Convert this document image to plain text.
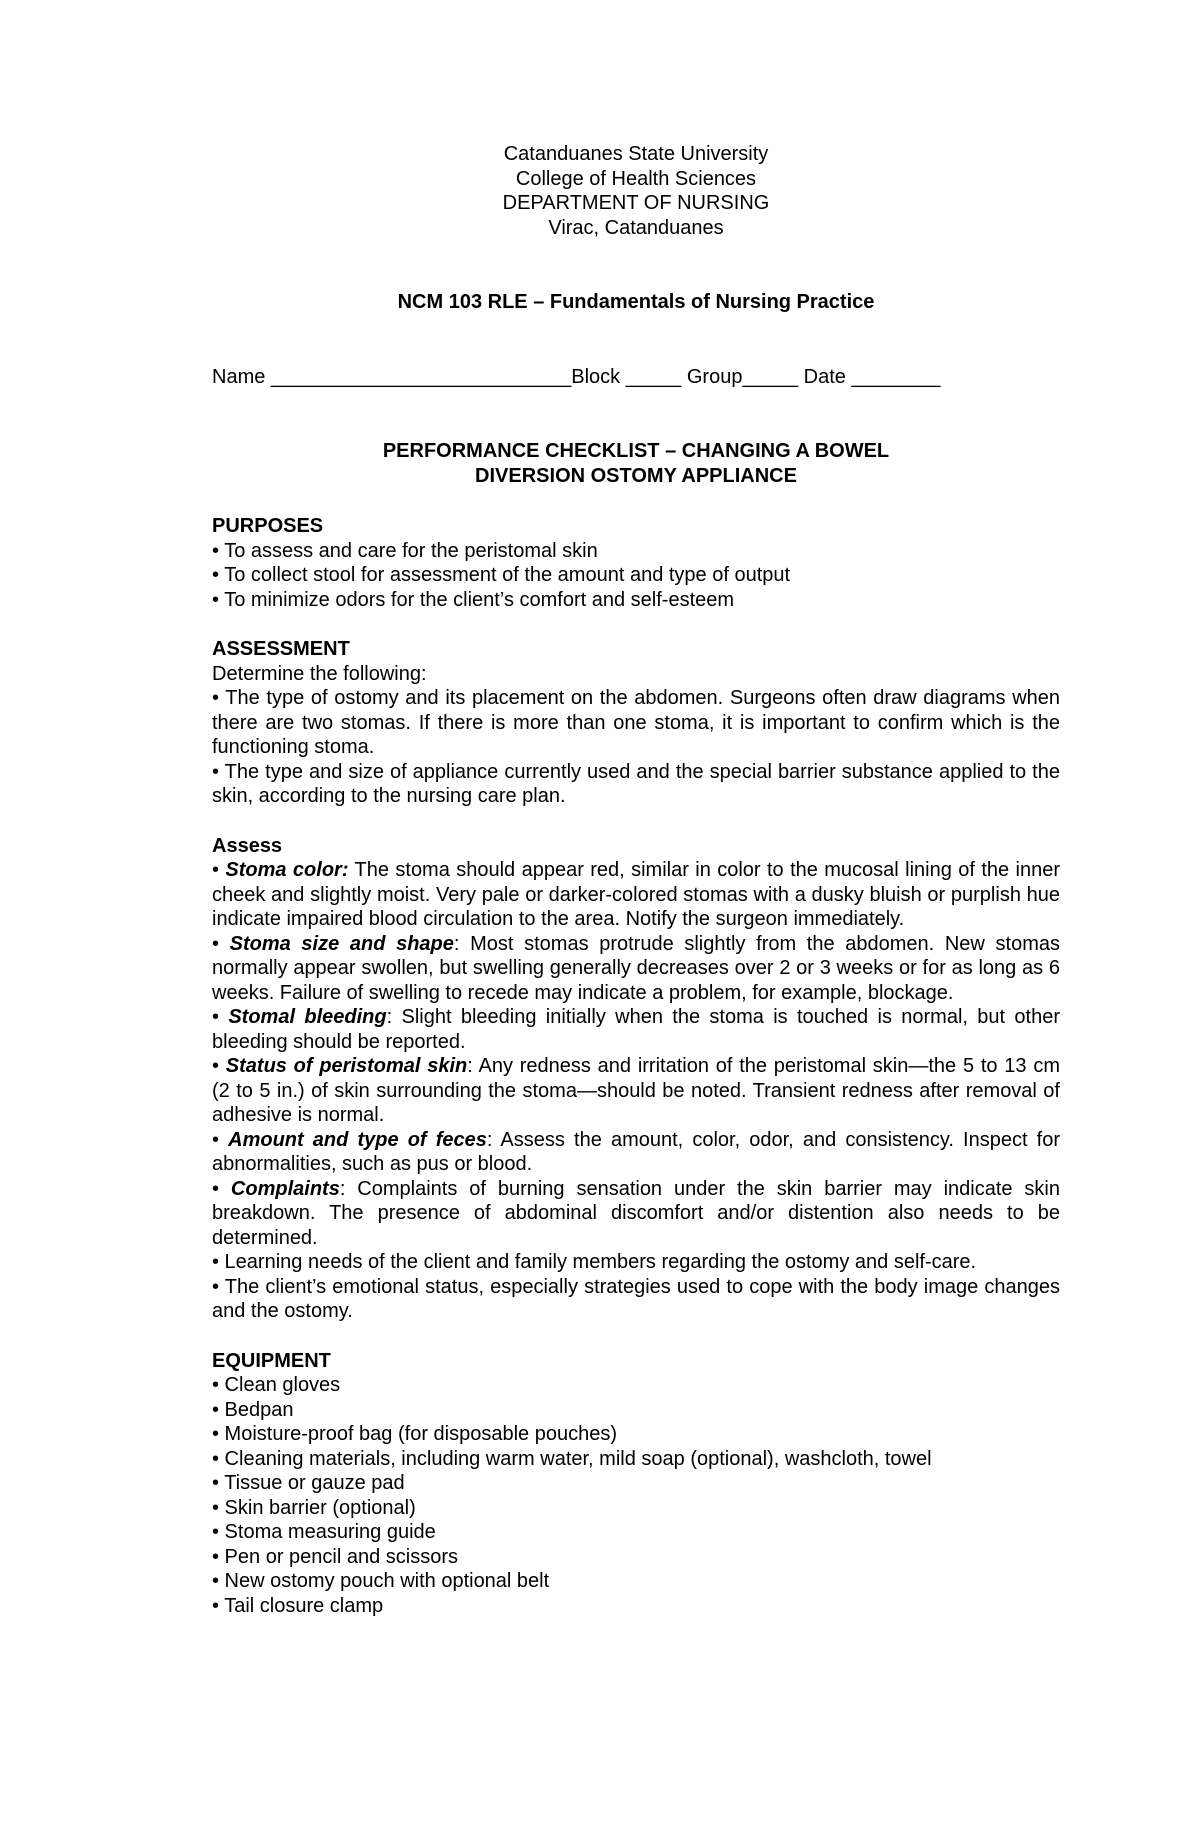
Catanduanes State University
College of Health Sciences
DEPARTMENT OF NURSING
Virac, Catanduanes
NCM 103 RLE – Fundamentals of Nursing Practice
Name ___________________________Block _____ Group_____ Date ________
PERFORMANCE CHECKLIST – CHANGING A BOWEL
DIVERSION OSTOMY APPLIANCE
PURPOSES
• To assess and care for the peristomal skin
• To collect stool for assessment of the amount and type of output
• To minimize odors for the client’s comfort and self-esteem
ASSESSMENT
Determine the following:
• The type of ostomy and its placement on the abdomen. Surgeons often draw diagrams when there are two stomas. If there is more than one stoma, it is important to confirm which is the functioning stoma.
• The type and size of appliance currently used and the special barrier substance applied to the skin, according to the nursing care plan.
Assess
• Stoma color: The stoma should appear red, similar in color to the mucosal lining of the inner cheek and slightly moist. Very pale or darker-colored stomas with a dusky bluish or purplish hue indicate impaired blood circulation to the area. Notify the surgeon immediately.
• Stoma size and shape: Most stomas protrude slightly from the abdomen. New stomas normally appear swollen, but swelling generally decreases over 2 or 3 weeks or for as long as 6 weeks. Failure of swelling to recede may indicate a problem, for example, blockage.
• Stomal bleeding: Slight bleeding initially when the stoma is touched is normal, but other bleeding should be reported.
• Status of peristomal skin: Any redness and irritation of the peristomal skin—the 5 to 13 cm (2 to 5 in.) of skin surrounding the stoma—should be noted. Transient redness after removal of adhesive is normal.
• Amount and type of feces: Assess the amount, color, odor, and consistency. Inspect for abnormalities, such as pus or blood.
• Complaints: Complaints of burning sensation under the skin barrier may indicate skin breakdown. The presence of abdominal discomfort and/or distention also needs to be determined.
• Learning needs of the client and family members regarding the ostomy and self-care.
• The client’s emotional status, especially strategies used to cope with the body image changes and the ostomy.
EQUIPMENT
• Clean gloves
• Bedpan
• Moisture-proof bag (for disposable pouches)
• Cleaning materials, including warm water, mild soap (optional), washcloth, towel
• Tissue or gauze pad
• Skin barrier (optional)
• Stoma measuring guide
• Pen or pencil and scissors
• New ostomy pouch with optional belt
• Tail closure clamp
